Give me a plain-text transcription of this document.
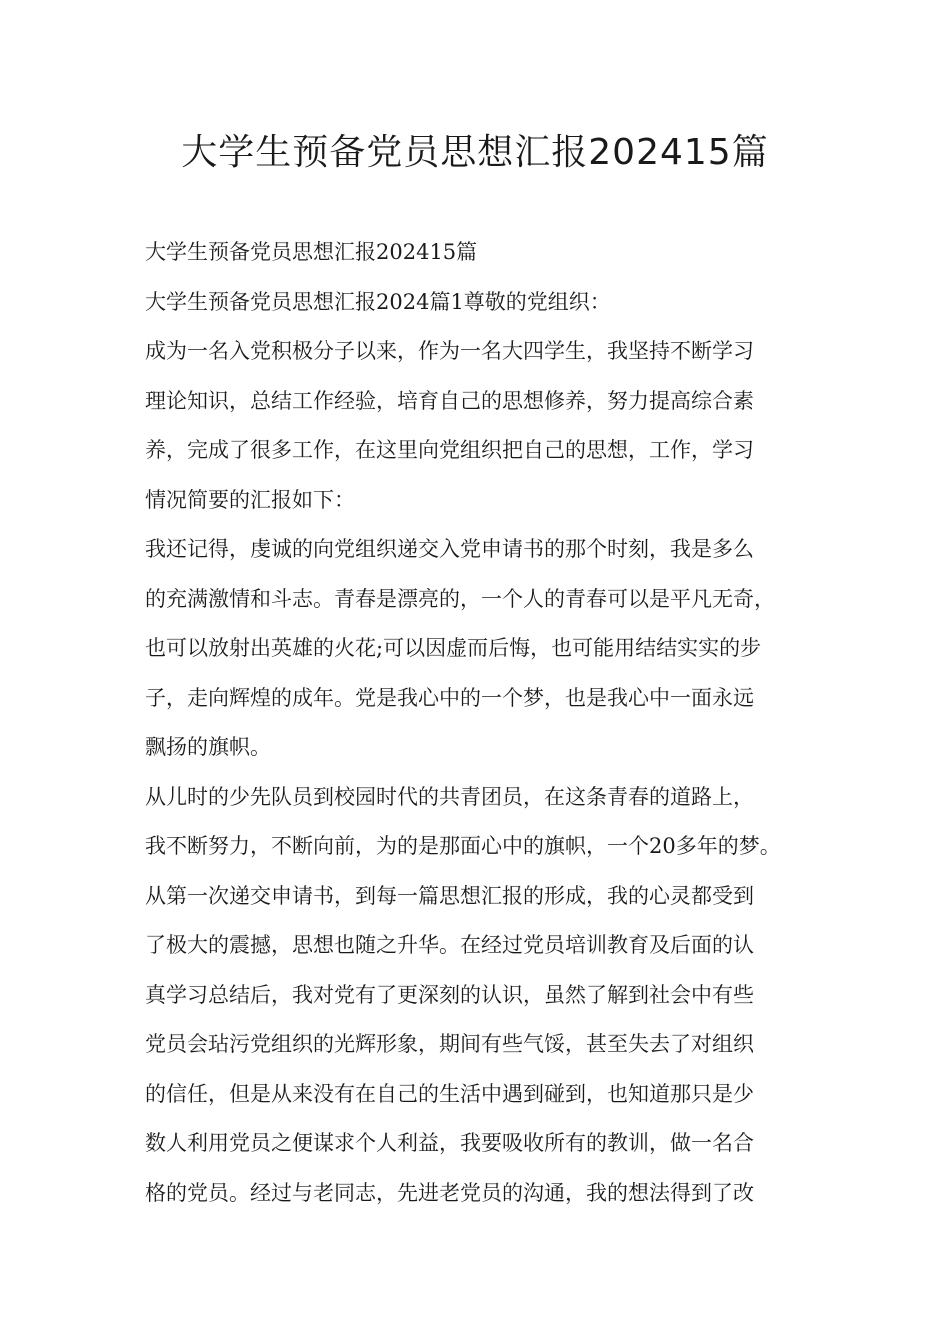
大学生预备党员思想汇报202415篇

大学生预备党员思想汇报202415篇

大学生预备党员思想汇报2024篇1尊敬的党组织：

成为一名入党积极分子以来，作为一名大四学生，我坚持不断学习

理论知识，总结工作经验，培育自己的思想修养，努力提高综合素

养，完成了很多工作，在这里向党组织把自己的思想，工作，学习

情况简要的汇报如下：

我还记得，虔诚的向党组织递交入党申请书的那个时刻，我是多么

的充满激情和斗志。青春是漂亮的，一个人的青春可以是平凡无奇，

也可以放射出英雄的火花;可以因虚而后悔，也可能用结结实实的步

子，走向辉煌的成年。党是我心中的一个梦，也是我心中一面永远

飘扬的旗帜。

从儿时的少先队员到校园时代的共青团员，在这条青春的道路上，

我不断努力，不断向前，为的是那面心中的旗帜，一个20多年的梦。

从第一次递交申请书，到每一篇思想汇报的形成，我的心灵都受到

了极大的震撼，思想也随之升华。在经过党员培训教育及后面的认

真学习总结后，我对党有了更深刻的认识，虽然了解到社会中有些

党员会玷污党组织的光辉形象，期间有些气馁，甚至失去了对组织

的信任，但是从来没有在自己的生活中遇到碰到，也知道那只是少

数人利用党员之便谋求个人利益，我要吸收所有的教训，做一名合

格的党员。经过与老同志，先进老党员的沟通，我的想法得到了改
